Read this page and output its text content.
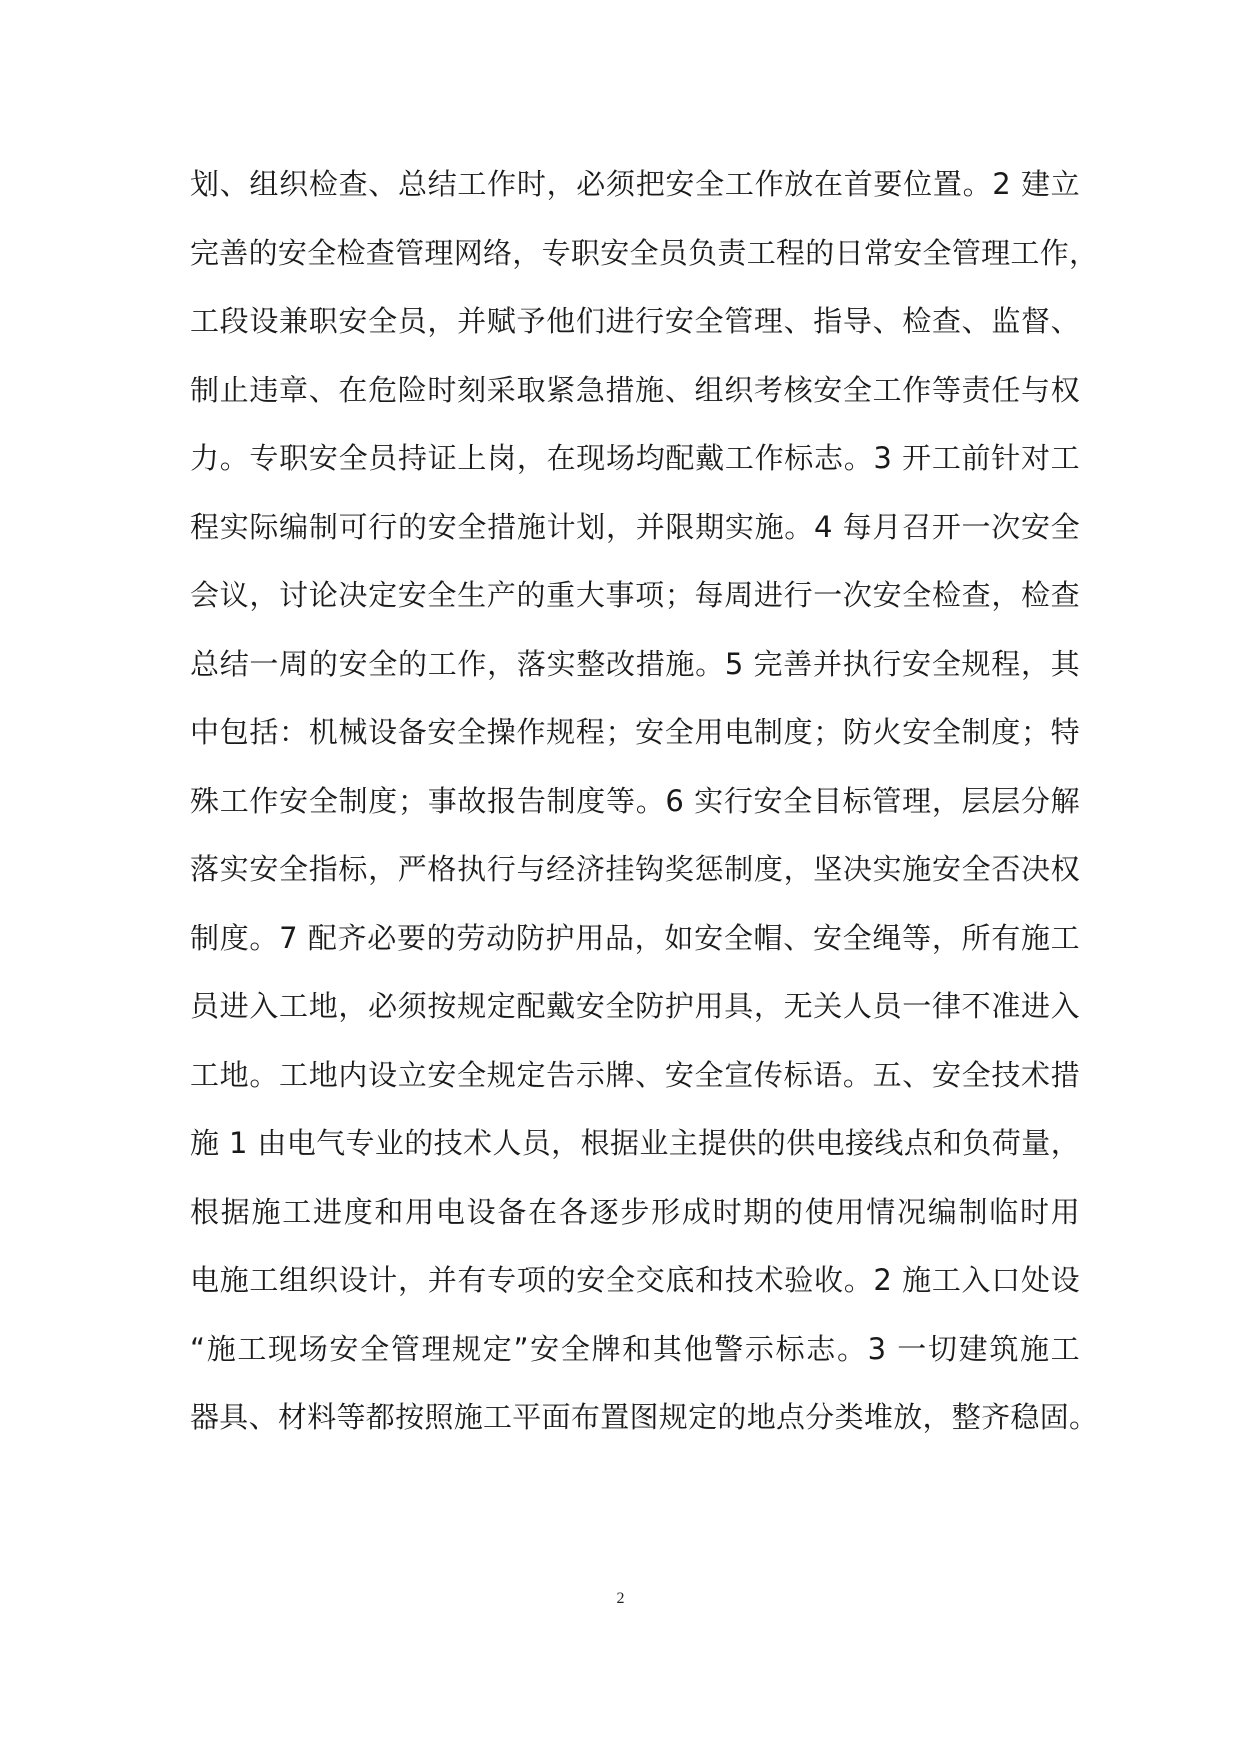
划、组织检查、总结工作时，必须把安全工作放在首要位置。2 建立
完善的安全检查管理网络，专职安全员负责工程的日常安全管理工作，
工段设兼职安全员，并赋予他们进行安全管理、指导、检查、监督、
制止违章、在危险时刻采取紧急措施、组织考核安全工作等责任与权
力。专职安全员持证上岗，在现场均配戴工作标志。3 开工前针对工
程实际编制可行的安全措施计划，并限期实施。4 每月召开一次安全
会议，讨论决定安全生产的重大事项；每周进行一次安全检查，检查
总结一周的安全的工作，落实整改措施。5 完善并执行安全规程，其
中包括：机械设备安全操作规程；安全用电制度；防火安全制度；特
殊工作安全制度；事故报告制度等。6 实行安全目标管理，层层分解
落实安全指标，严格执行与经济挂钩奖惩制度，坚决实施安全否决权
制度。7 配齐必要的劳动防护用品，如安全帽、安全绳等，所有施工
员进入工地，必须按规定配戴安全防护用具，无关人员一律不准进入
工地。工地内设立安全规定告示牌、安全宣传标语。五、安全技术措
施 1 由电气专业的技术人员，根据业主提供的供电接线点和负荷量，
根据施工进度和用电设备在各逐步形成时期的使用情况编制临时用
电施工组织设计，并有专项的安全交底和技术验收。2 施工入口处设
“施工现场安全管理规定”安全牌和其他警示标志。3 一切建筑施工
器具、材料等都按照施工平面布置图规定的地点分类堆放，整齐稳固。
2
